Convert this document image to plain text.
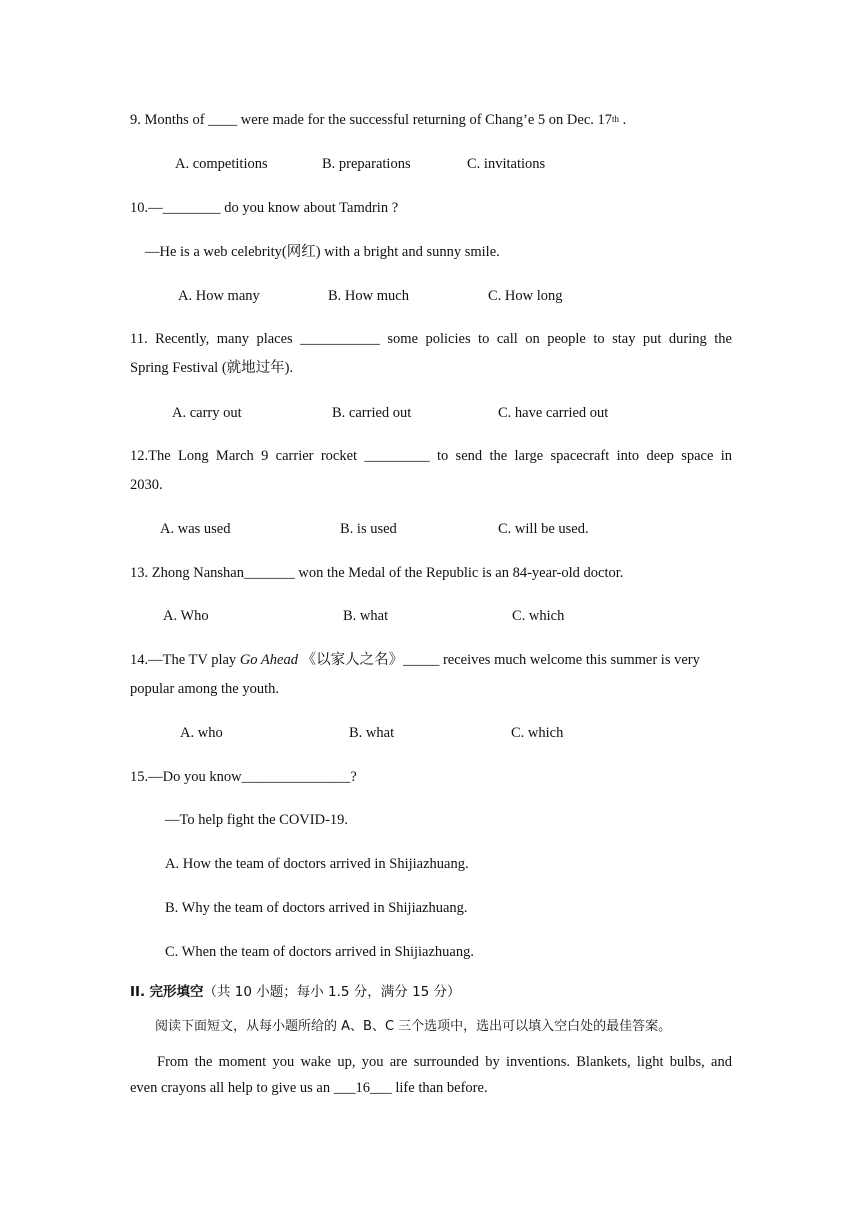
9. Months of ____ were made for the successful returning of Chang’e 5 on Dec. 17th .
A. competitions	B. preparations	C. invitations
10.—________ do you know about Tamdrin ?
—He is a web celebrity(网红) with a bright and sunny smile.
A. How many	B. How much	C. How long
11. Recently, many places ___________ some policies to call on people to stay put during the
Spring Festival (就地过年).
A. carry out	B. carried out	C. have carried out
12.The Long March 9 carrier rocket _________ to send the large spacecraft into deep space in
2030.
A. was used	B. is used	C. will be used.
13. Zhong Nanshan_______ won the Medal of the Republic is an 84-year-old doctor.
A. Who	B. what	C. which
14.—The TV play Go Ahead 《以家人之名》_____ receives much welcome this summer is very
popular among the youth.
A. who	B. what	C. which
15.—Do you know_______________?
—To help fight the COVID-19.
A. How the team of doctors arrived in Shijiazhuang.
B. Why the team of doctors arrived in Shijiazhuang.
C. When the team of doctors arrived in Shijiazhuang.
II. 完形填空（共 10 小题；每小 1.5 分，满分 15 分）
阅读下面短文，从每小题所给的 A、B、C 三个选项中，选出可以填入空白处的最佳答案。
From the moment you wake up, you are surrounded by inventions. Blankets, light bulbs, and
even crayons all help to give us an ___16___ life than before.
